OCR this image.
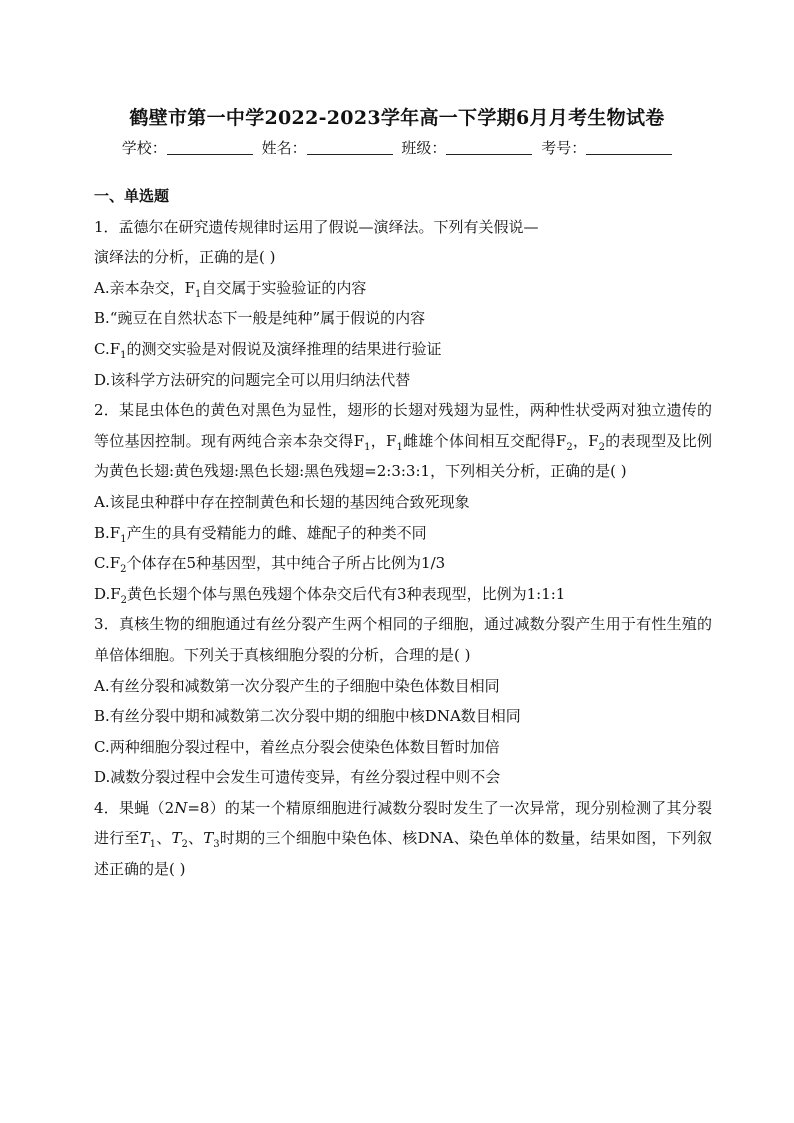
鹤壁市第一中学2022-2023学年高一下学期6月月考生物试卷
学校：	姓名：	班级：	考号：
一、单选题
1．孟德尔在研究遗传规律时运用了假说—演绎法。下列有关假说—
演绎法的分析，正确的是( )
A.亲本杂交，$F_1$自交属于实验验证的内容
B.“豌豆在自然状态下一般是纯种”属于假说的内容
$C.F_1$的测交实验是对假说及演绎推理的结果进行验证
D.该科学方法研究的问题完全可以用归纳法代替
2．某昆虫体色的黄色对黑色为显性，翅形的长翅对残翅为显性，两种性状受两对独立遗传的等位基因控制。现有两纯合亲本杂交得$F_1$，$F_1$雌雄个体间相互交配得$F_2$，$F_2$的表现型及比例为黄色长翅:黄色残翅:黑色长翅:黑色残翅=2:3:3:1，下列相关分析，正确的是( )
A.该昆虫种群中存在控制黄色和长翅的基因纯合致死现象
$B.F_1$产生的具有受精能力的雌、雄配子的种类不同
$C.F_2$个体存在5种基因型，其中纯合子所占比例为1/3
$D.F_2$黄色长翅个体与黑色残翅个体杂交后代有3种表现型，比例为1:1:1
3．真核生物的细胞通过有丝分裂产生两个相同的子细胞，通过减数分裂产生用于有性生殖的单倍体细胞。下列关于真核细胞分裂的分析，合理的是( )
A.有丝分裂和减数第一次分裂产生的子细胞中染色体数目相同
B.有丝分裂中期和减数第二次分裂中期的细胞中核DNA数目相同
C.两种细胞分裂过程中，着丝点分裂会使染色体数目暂时加倍
D.减数分裂过程中会发生可遗传变异，有丝分裂过程中则不会
4．果蝇（2N=8）的某一个精原细胞进行减数分裂时发生了一次异常，现分别检测了其分裂进行至$T_1$、$T_2$、$T_3$时期的三个细胞中染色体、核DNA、染色单体的数量，结果如图，下列叙述正确的是( )
